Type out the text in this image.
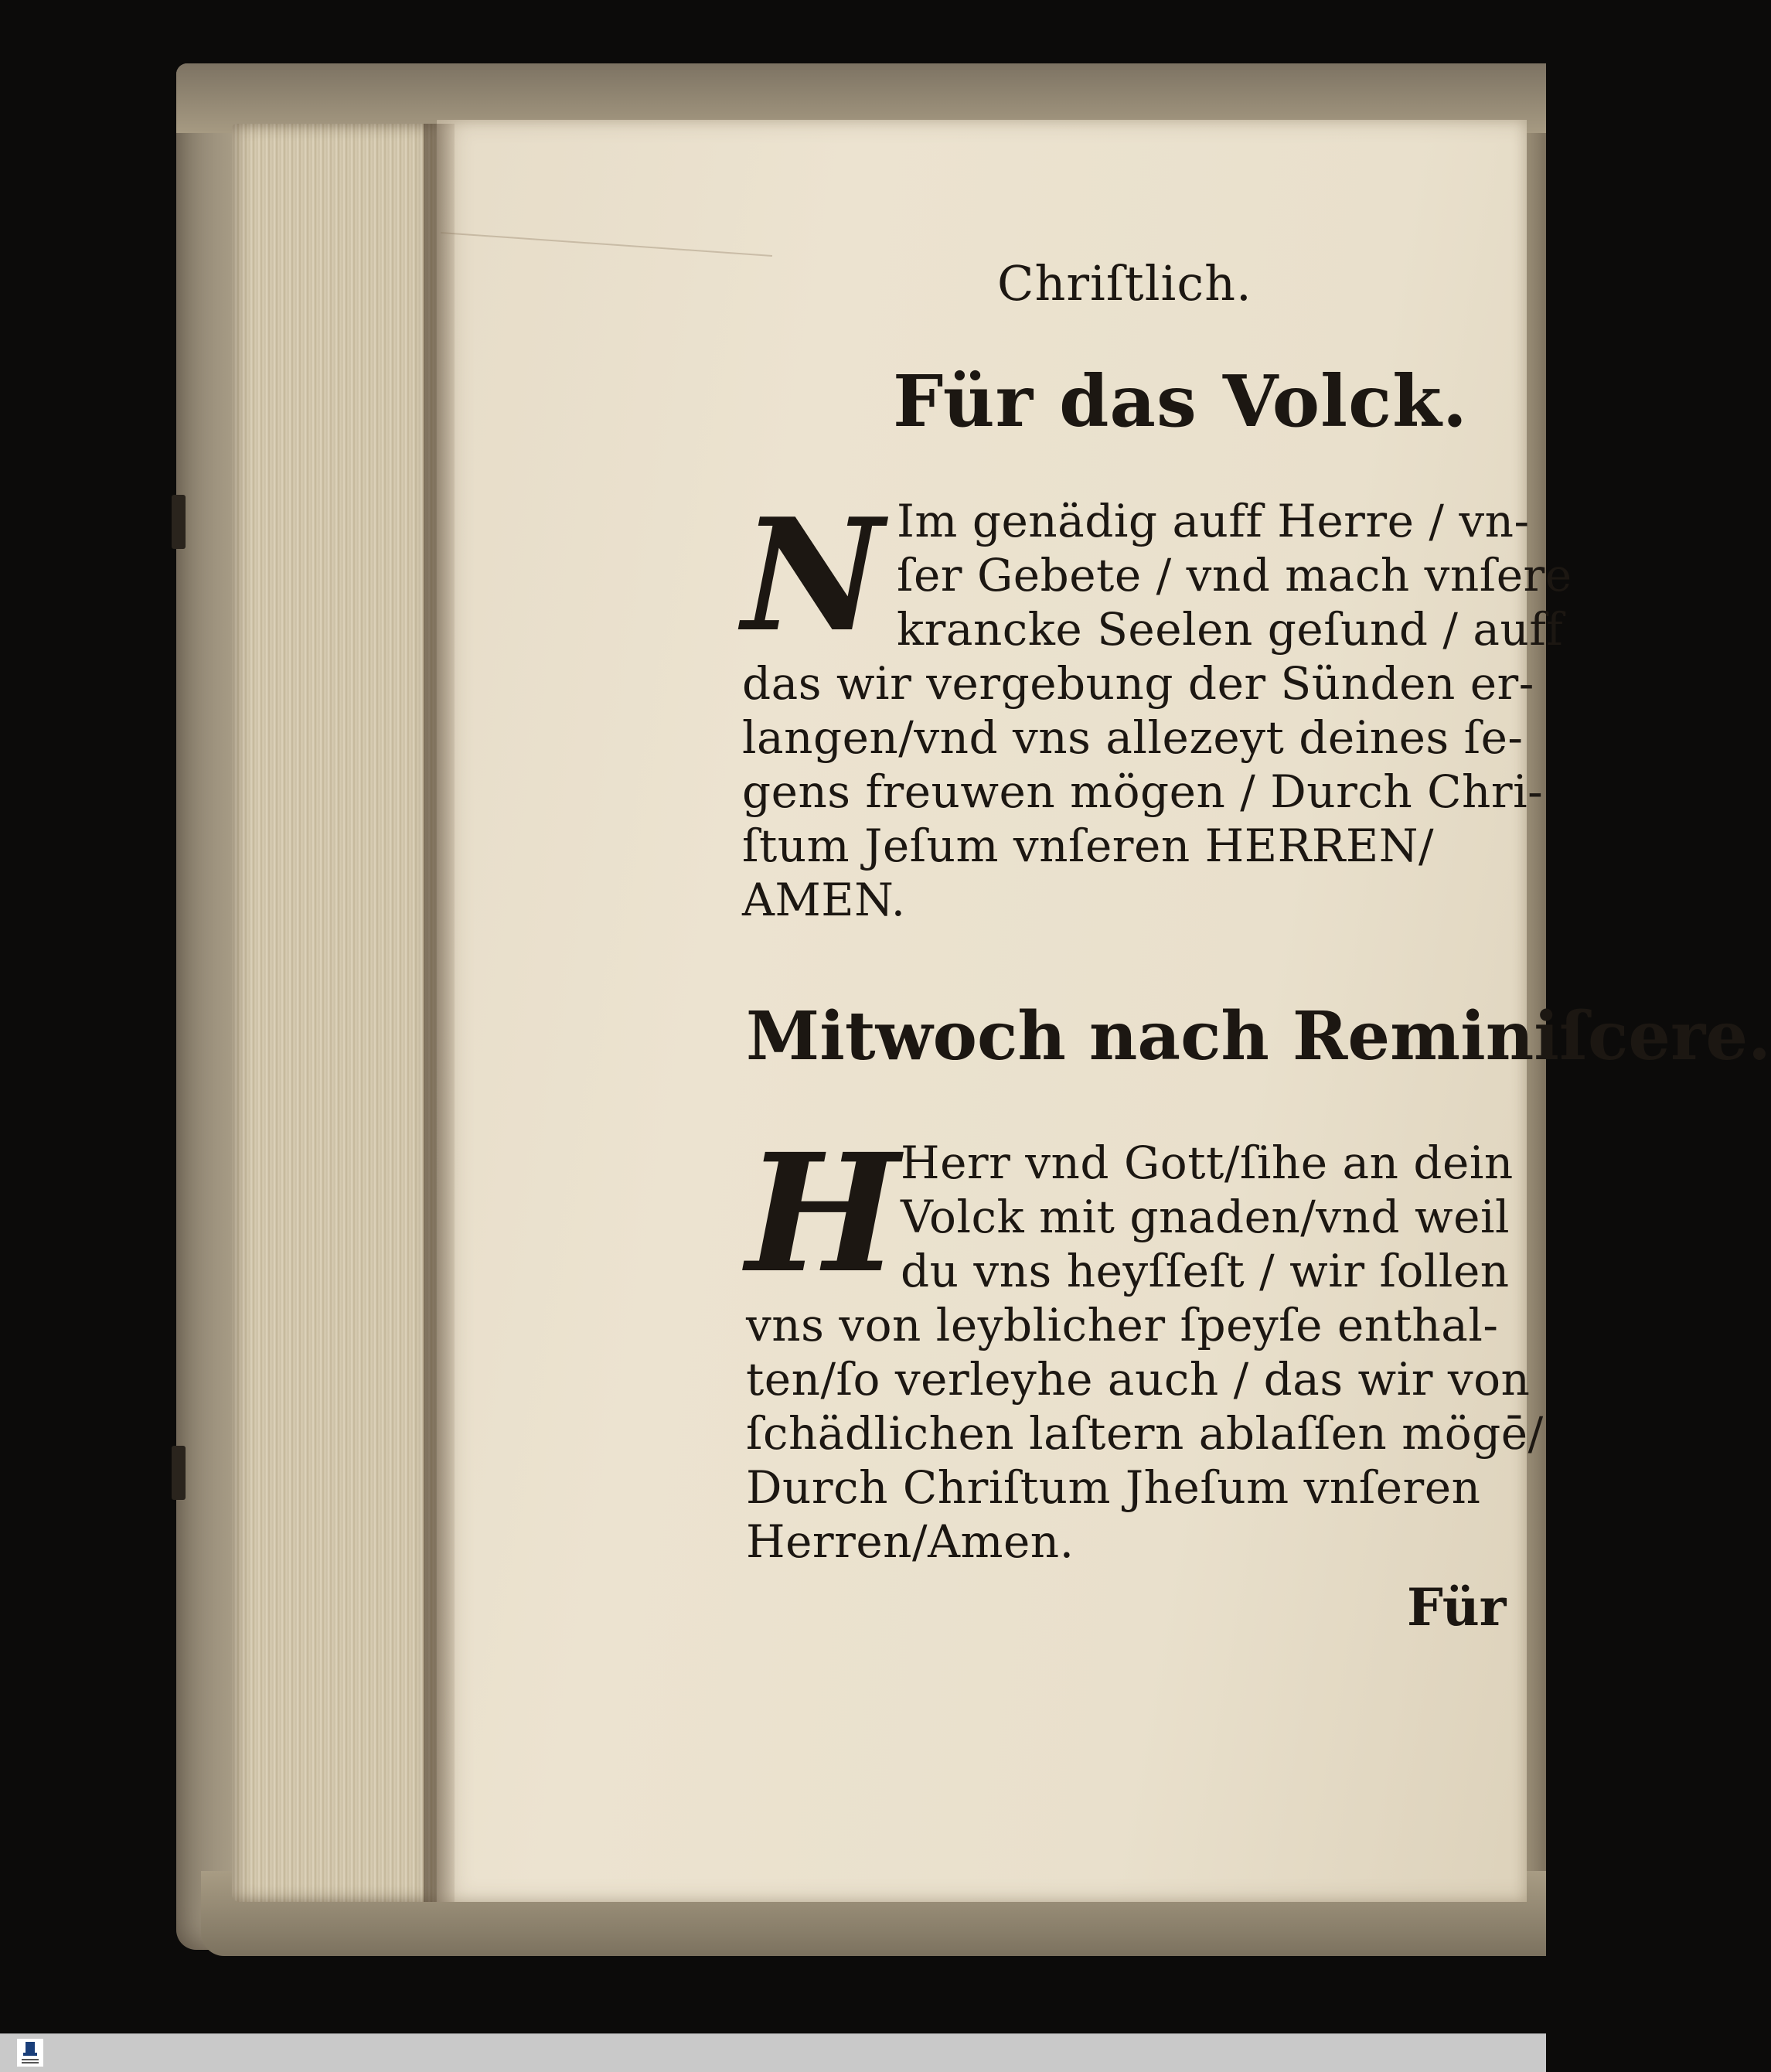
Chriſtlich.
Für das Volck.
N Im genädig auff Herre / vn-
ſer Gebete / vnd mach vnſere
krancke Seelen geſund / auff
das wir vergebung der Sünden er-
langen/vnd vns allezeyt deines ſe-
gens freuwen mögen / Durch Chri-
ſtum Jeſum vnſeren HERREN/
AMEN.
Mitwoch nach Reminiſcere.
H Herr vnd Gott/ſihe an dein
Volck mit gnaden/vnd weil
du vns heyſſeſt / wir ſollen
vns von leyblicher ſpeyſe enthal-
ten/ſo verleyhe auch / das wir von
ſchädlichen laſtern ablaſſen mögē/
Durch Chriſtum Jheſum vnſeren
Herren/Amen.
Für
